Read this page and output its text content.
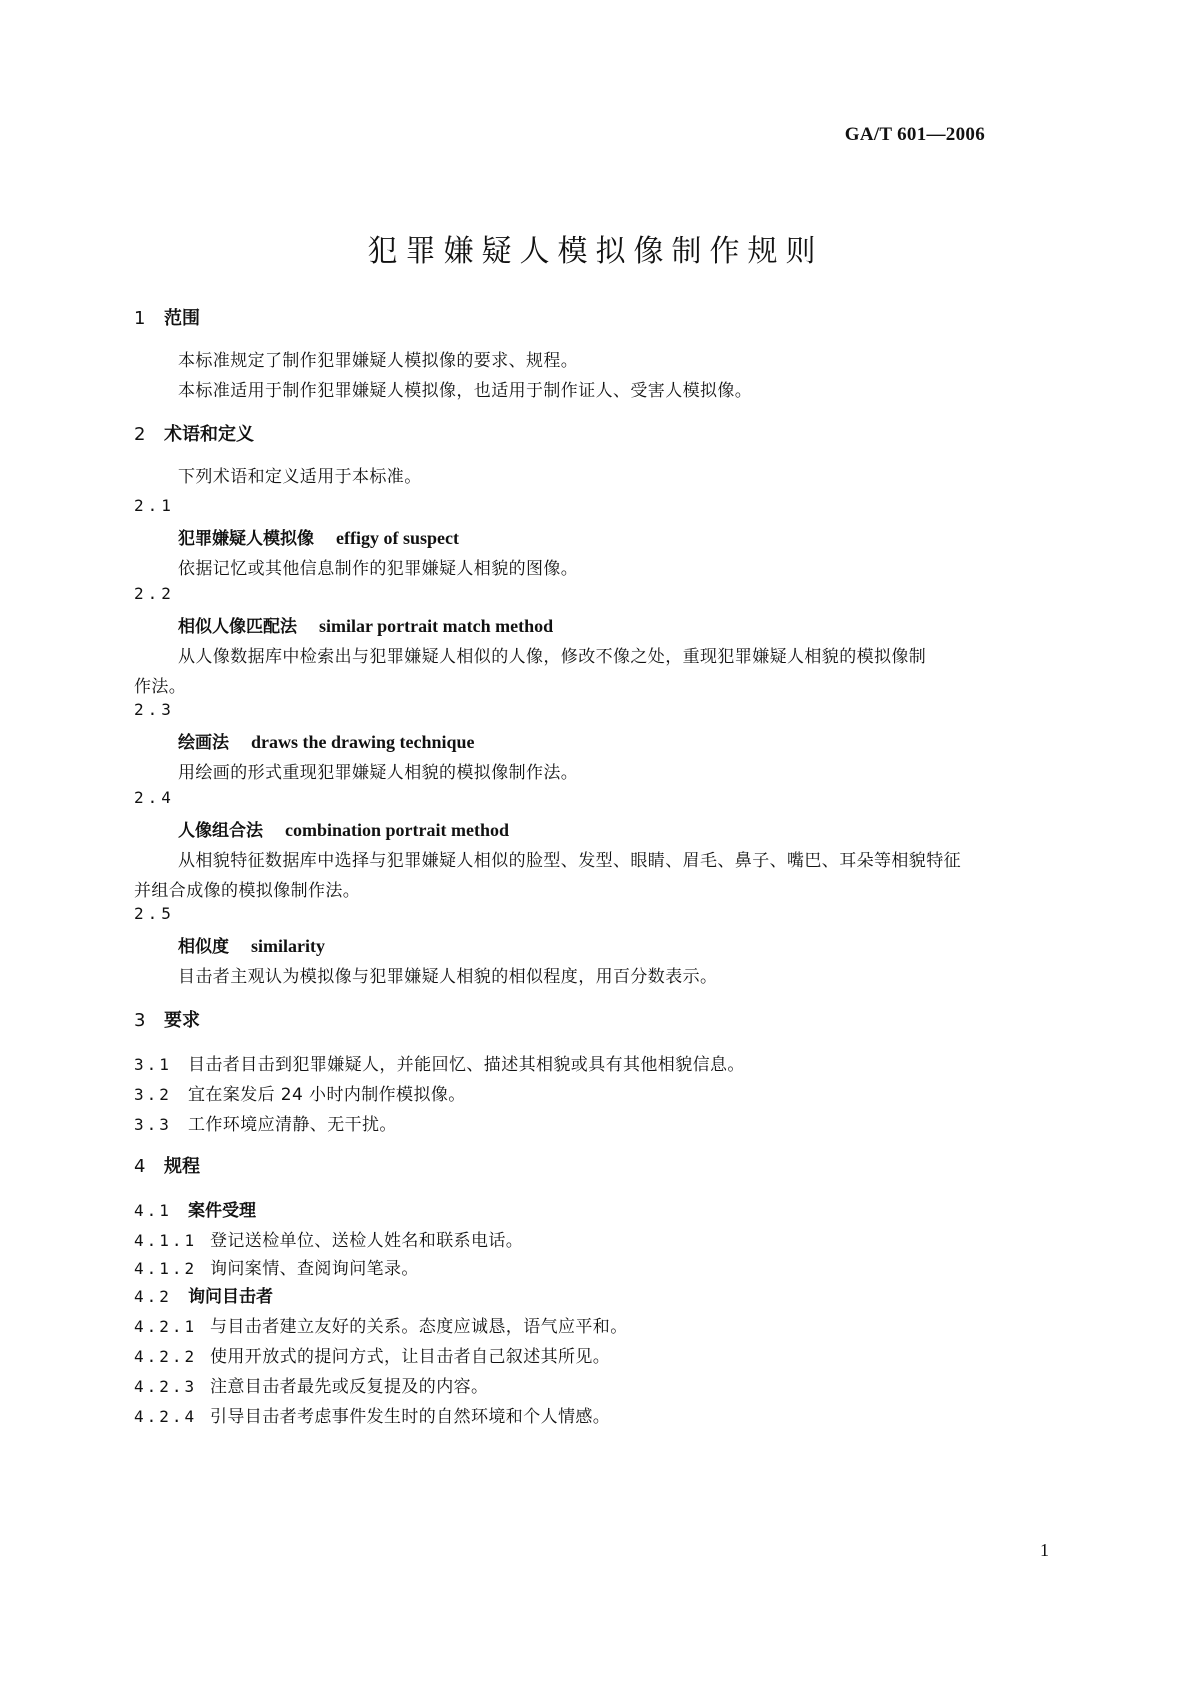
GA/T 601—2006
犯罪嫌疑人模拟像制作规则
1 范围
本标准规定了制作犯罪嫌疑人模拟像的要求、规程。
本标准适用于制作犯罪嫌疑人模拟像，也适用于制作证人、受害人模拟像。
2 术语和定义
下列术语和定义适用于本标准。
2.1
犯罪嫌疑人模拟像 effigy of suspect
依据记忆或其他信息制作的犯罪嫌疑人相貌的图像。
2.2
相似人像匹配法 similar portrait match method
从人像数据库中检索出与犯罪嫌疑人相似的人像，修改不像之处，重现犯罪嫌疑人相貌的模拟像制
作法。
2.3
绘画法 draws the drawing technique
用绘画的形式重现犯罪嫌疑人相貌的模拟像制作法。
2.4
人像组合法 combination portrait method
从相貌特征数据库中选择与犯罪嫌疑人相似的脸型、发型、眼睛、眉毛、鼻子、嘴巴、耳朵等相貌特征
并组合成像的模拟像制作法。
2.5
相似度 similarity
目击者主观认为模拟像与犯罪嫌疑人相貌的相似程度，用百分数表示。
3 要求
3.1 目击者目击到犯罪嫌疑人，并能回忆、描述其相貌或具有其他相貌信息。
3.2 宜在案发后 24 小时内制作模拟像。
3.3 工作环境应清静、无干扰。
4 规程
4.1 案件受理
4.1.1 登记送检单位、送检人姓名和联系电话。
4.1.2 询问案情、查阅询问笔录。
4.2 询问目击者
4.2.1 与目击者建立友好的关系。态度应诚恳，语气应平和。
4.2.2 使用开放式的提问方式，让目击者自己叙述其所见。
4.2.3 注意目击者最先或反复提及的内容。
4.2.4 引导目击者考虑事件发生时的自然环境和个人情感。
1
